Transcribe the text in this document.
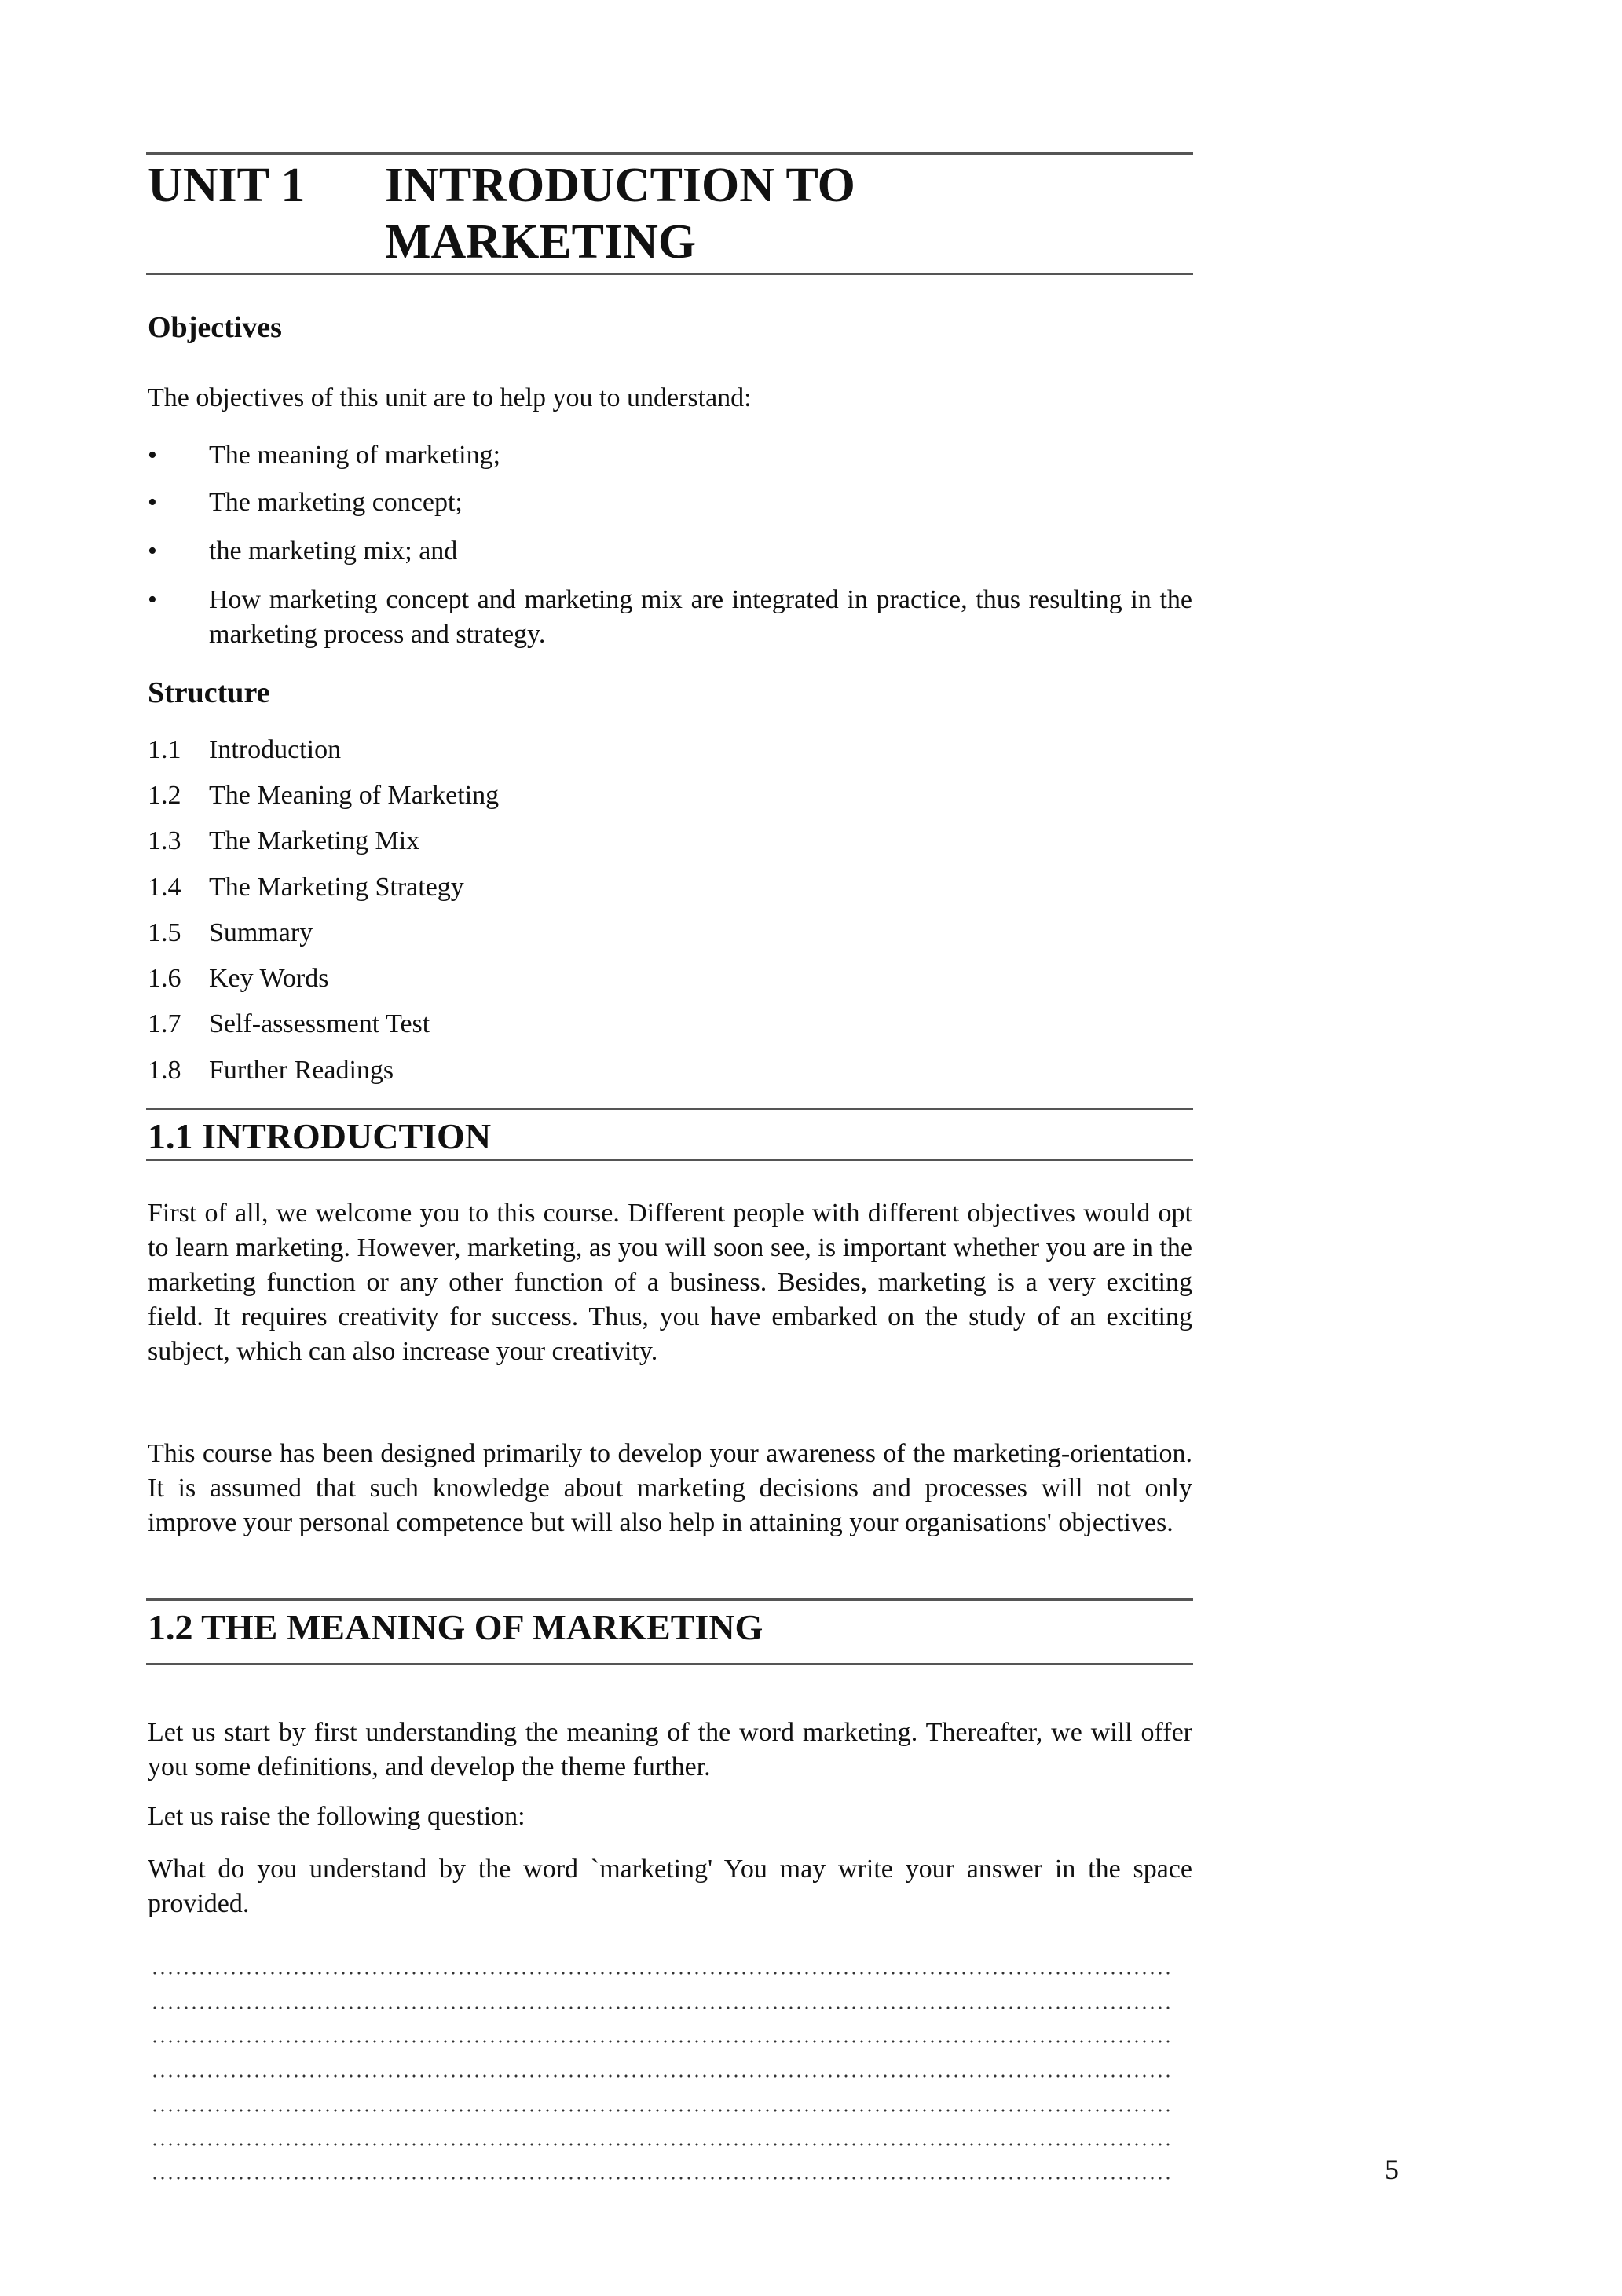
UNIT 1	INTRODUCTION TO
MARKETING
Objectives
The objectives of this unit are to help you to understand:
• The meaning of marketing;
• The marketing concept;
• the marketing mix; and
• How marketing concept and marketing mix are integrated in practice, thus resulting in the marketing process and strategy.
Structure
1.1 Introduction
1.2 The Meaning of Marketing
1.3 The Marketing Mix
1.4 The Marketing Strategy
1.5 Summary
1.6 Key Words
1.7 Self-assessment Test
1.8 Further Readings
1.1 INTRODUCTION
First of all, we welcome you to this course. Different people with different objectives would opt to learn marketing. However, marketing, as you will soon see, is important whether you are in the marketing function or any other function of a business. Besides, marketing is a very exciting field. It requires creativity for success. Thus, you have embarked on the study of an exciting subject, which can also increase your creativity.
This course has been designed primarily to develop your awareness of the marketing-orientation. It is assumed that such knowledge about marketing decisions and processes will not only improve your personal competence but will also help in attaining your organisations' objectives.
1.2 THE MEANING OF MARKETING
Let us start by first understanding the meaning of the word marketing. Thereafter, we will offer you some definitions, and develop the theme further.
Let us raise the following question:
What do you understand by the word `marketing' You may write your answer in the space provided.
5
